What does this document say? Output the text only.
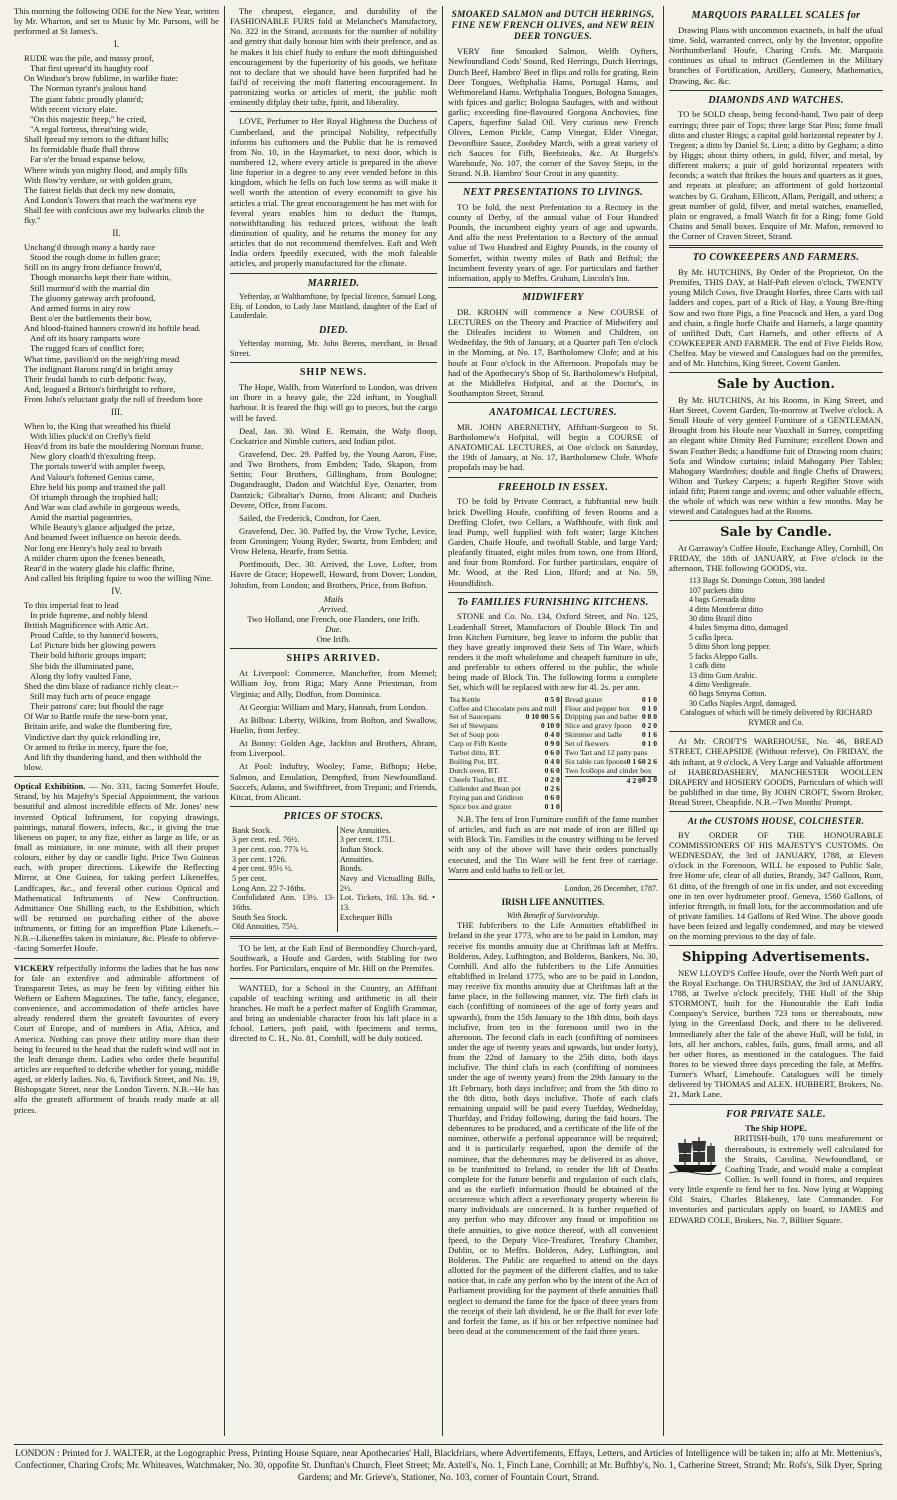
This morning the following ODE for the New Year, written by Mr. Wharton, and set to Music by Mr. Parsons, will be performed at St James's.

I.

RUDE was the pile, and massy proof,

That first uprear'd its haughty roof

On Windsor's brow fublime, in warlike ftate:

The Norman tyrant's jealous hand

The giant fabric proudly plann'd;

With recent victory elate.

"On this majestic fteep," he cried,

"A regal fortress, threat'ning wide,

Shall fpread my terrors to the diftant hills;

Its formidable fhade fhall throw

Far o'er the broad expanse below,

Where winds yon mighty flood, and amply fills

With flow'ry verdure, or with golden grain,

The fairest fields that deck my new domain,

And London's Towers that reach the wat'mens eye

Shall fee with confcious awe my bulwarks climb the fky."

II.

Unchang'd through many a hardy race

Stood the rough dome in fullen grace;

Still on its angry front defiance frown'd,

Though monarchs kept their ftate within,

Still murmur'd with the martial din

The gloomy gateway arch profound,

And armed forms in airy row

Bent o'er the battlements their bow,

And blood-ftained banners crown'd its hoftile head.

And oft its hoary ramparts wore

The rugged fcars of conflict fore;

What time, pavilion'd on the neigh'ring mead

The indignant Barons rang'd in bright array

Their feudal bands to curb defpotic fway,

And, leagued a Briton's birthright to reftore,

From John's reluctant grafp the roll of freedom bore

III.

When lo, the King that wreathed his fhield

With lilies pluck'd on Crefly's field

Heav'd from its bafe the mouldering Norman frame.

New glory cloath'd th'exulting fteep.

The portals tower'd with ampler fweep,

And Valour's foftened Genius came,

Ehre held his pomp and trained the pall

Of triumph through the trophied hall;

And War was clad awhile in gorgeous weeds,

Amid the martial pageantries,

While Beauty's glance adjudged the prize,

And beamed fweet influence on heroic deeds.

Nor long ere Henry's holy zeal to breath

A milder charm upon the fcenes beneath,

Rear'd in the watery glade his claffic fhrine,

And called his ftripling fquire to woo the willing Nine.

IV.

To this imperial feat to lead

In pride fupreme, and nobly blend

British Magnificence with Attic Art.

Proud Caftle, to thy banner'd bowers,

Lo! Picture bids her glowing powers

Their bold hiftoric groups impart;

She bids the illuminated pane,

Along thy lofty vaulted Fane,

Shed the dim blaze of radiance richly clear.--

Still may fuch arts of peace engage

Their patrons' care; but fhould the rage

Of War to Battle roufe the new-born year,

Britain arife, and wake the flumbering fire,

Vindictive dart thy quick rekindling ire,

Or armed to ftrike in mercy, fpare the foe,

And lift thy thundering hand, and then withhold the blow.

Optical Exhibition. — No. 331, facing Somerfet Houfe, Strand, by his Majefty's Special Appointment, the various beautiful and almost incredible effects of Mr. Jones' new invented Optical Inftrument, for copying drawings, paintings, natural flowers, infects, &c., it giving the true likeness on paper, to any fize, either as large as life, or as fmall as miniature, in one minute, with all their proper colours, either by day or candle light. Price Two Guineas each, with proper directions. Likewife the Reflecting Mirror, at One Guinea, for taking perfect Likeneffes, Landfcapes, &c., and feveral other curious Optical and Mathematical Inftruments of New Conftruction. Admittance One Shilling each, to the Exhibition, which will be returned on purchafing either of the above inftruments, or fitting for an impreffion Plate Likenefs.-- N.B.--Likeneffes taken in miniature, &c. Pleafe to obferve--facing Somerfet Houfe.

VICKERY refpectfully informs the ladies that he has now for fale an extenfive and admirable affortment of Transparent Tetes, as may be feen by vifiting either his Weftern or Eaftern Magazines. The tafte, fancy, elegance, convenience, and accommodation of thefe articles have already rendered them the greateft favourites of every Court of Europe, and of numbers in Afia, Africa, and America. Nothing can prove their utility more than their being fo fecured to the head that the rudeft wind will not in the leaft derange them. Ladies who order thefe beautiful articles are requefted to defcribe whether for young, middle aged, or elderly ladies. No. 6, Tavifiock Street, and No. 19, Bishopsgate Street, near the London Tavern. N.B.--He has alfo the greateft affortment of braids ready made at all prices.

The cheapest, elegance, and durability of the FASHIONABLE FURS fold at Melanchet's Manufactory, No. 322 in the Strand, accounts for the number of nobility and gentry that daily honour him with their prefence, and as he makes it his chief ftudy to enfure the moft diftinguished encouragement by the fuperiority of his goods, we hefitate not to declare that we should have been furprifed had he fail'd of receiving the moft flattering encouragement. In patronizing works or articles of merit, the public moft eminently difplay their tafte, fpirit, and liberality.

LOVE, Perfumer to Her Royal Highness the Duchess of Cumberland, and the principal Nobility, refpectfully informs his cuftomers and the Public that he is removed from No. 10, in the Haymarket, to next door, which is numbered 12, where every article is prepared in the above line fuperior in a degree to any ever vended before in this kingdom, which he fells on fuch low terms as will make it well worth the attention of every economift to give his articles a trial. The great encouragement he has met with for feveral years enables him to deduct the ftamps, notwithftanding his reduced prices, without the leaft diminution of quality, and he returns the money for any articles that do not recommend themfelves. Eaft and Weft India orders fpeedily executed, with the moft faleable articles, and properly manufactured for the climate.

MARRIED.

Yefterday, at Walthamftone, by fpecial licence, Samuel Long, Efq. of London, to Lady Jane Maitland, daughter of the Earl of Lauderdale.

DIED.

Yefterday morning, Mr. John Berens, merchant, in Broad Street.

SHIP NEWS.

The Hope, Walfh, from Waterford to London, was driven on fhore in a heavy gale, the 22d inftant, in Youghall harbour. It is feared the fhip will go to pieces, but the cargo will be faved.

Deal, Jan. 30. Wind E. Remain, the Wafp floop, Cockatrice and Nimble cutters, and Indian pilot.

Gravefend, Dec. 29. Paffed by, the Young Aaron, Fine, and Two Brothers, from Embden; Tado, Skapon, from Settin; Four Brothers, Gillingham, from Boulogne; Dogandraught, Dadon and Watchful Eye, Oznarter, from Dantzick; Gibraltar's Durno, from Alicant; and Ducheis Devere, Offce, from Facom.

Sailed, the Frederick, Condron, for Caen.

Gravefend, Dec. 30. Paffed by, the Vrow Tyche, Levice, from Groningen; Young Ryder, Swartz, from Embden; and Vrow Helena, Hearfe, from Settia.

Portfmouth, Dec. 30. Arrived, the Love, Lofter, from Havre de Grace; Hopewell, Howard, from Dover; London, Johnfon, from London; and Brothers, Price, from Bofton.

Mails
Arrived.
Two Holland, one French, one Flanders, one Irifh.
Due.
One Irifh.
SHIPS ARRIVED.

At Liverpool: Commerce, Manchefter, from Memel; William Joy, from Riga; Mary Anne Priestman, from Virginia; and Ally, Dodfon, from Dominica.

At Georgia: William and Mary, Hannah, from London.

At Bilboa: Liberty, Wilkins, from Bofton, and Swallow, Huelin, from Jerfey.

At Bonny: Golden Age, Jackfon and Brothers, Abram, from Liverpool.

At Pool: Induftry, Wooley; Fame, Bifhops; Hebe, Salmon, and Emulation, Dempfted, from Newfoundland. Succefs, Adams, and Swiftftreet, from Trepani; and Friends, Kitcat, from Alicant.

PRICES OF STOCKS.
Bank Stock.
3 per cent. red. 76½.
3 per cent. con. 77⅞ ½.
3 per cent. 1726.
4 per cent. 95½ ½.
5 per cent.
Long Ann. 22 7-16ths.
Confolidated Ann. 13½. 13-16ths.
South Sea Stock.
Old Annuities, 75½.

New Annuities.
3 per cent. 1751.
Indian Stock.
Annuities.
Bonds.
Navy and Victualling Bills, 2½.
Lot. Tickets, 16l. 13s. 6d. • 13.
Exchequer Bills

TO be lett, at the Eaft End of Bermondfey Church-yard, Southwark, a Houfe and Garden, with Stabling for two horfes. For Particulars, enquire of Mr. Hill on the Premifes.

WANTED, for a School in the Country, an Affiftant capable of teaching writing and arithmetic in all their branches. He muft be a perfect mafter of Englifh Grammar, and bring an undeniable character from his laft place in a fchool. Letters, poft paid, with fpecimens and terms, directed to C. H., No. 81, Cornhill, will be duly noticed.

SMOAKED SALMON and DUTCH HERRINGS, FINE NEW FRENCH OLIVES, and NEW REIN DEER TONGUES.

VERY fine Smoaked Salmon, Welfh Oyfters, Newfoundland Cods' Sound, Red Herrings, Dutch Herrings, Dutch Beef, Hambro' Beef in flips and rolls for grating, Rein Deer Tongues, Weftphalia Hams, Portugal Hams, and Weftmoreland Hams. Weftphalia Tongues, Bologna Sauages, with fpices and garlic; Bologna Saufages, with and without garlic; exceeding fine-flavoured Gorgona Anchovies, fine Capers, fuperfine Salad Oil. Very curious new French Olives, Lemon Pickle, Camp Vinegar, Elder Vinegar, Devonfhire Sauce, Zoobdey March, with a great variety of rich Sauces for Fifh, Beefsteaks, &c. At Burgefs's Warehoufe, No. 107, the corner of the Savoy Steps, in the Strand. N.B. Hambro' Sour Crout in any quantity.

NEXT PRESENTATIONS TO LIVINGS.

TO be fold, the next Prefentation to a Rectory in the county of Derby, of the annual value of Four Hundred Pounds, the incumbent eighty years of age and upwards. And alfo the next Prefentation to a Rectory of the annual value of Two Hundred and Eighty Pounds, in the county of Somerfet, within twenty miles of Bath and Briftol; the Incumbent feventy years of age. For particulars and farther information, apply to Meffrs. Graham, Lincoln's Inn.

MIDWIFERY

DR. KROHN will commence a New COURSE of LECTURES on the Theory and Practice of Midwifery and the Difeafes incident to Women and Children, on Wednefday, the 9th of January, at a Quarter paft Ten o'clock in the Morning, at No. 17, Bartholomew Clofe; and at his houfe at Four o'clock in the Afternoon. Propofals may be had of the Apothecary's Shop of St. Bartholomew's Hofpital, at the Middlefex Hofpital, and at the Doctor's, in Southampton Street, Strand.

ANATOMICAL LECTURES.

MR. JOHN ABERNETHY, Affiftant-Surgeon to St. Bartholomew's Hofpital, will begin a COURSE of ANATOMICAL LECTURES, at One o'clock on Saturday, the 19th of January, at No. 17, Bartholomew Clofe. Whofe propofals may be had.

FREEHOLD IN ESSEX.

TO be fold by Private Contract, a fubftantial new built brick Dwelling Houfe, confifting of feven Rooms and a Dreffing Clofet, two Cellars, a Wafhhoufe, with fink and lead Pump, well fupplied with foft water; large Kitchen Garden, Chaife Houfe, and twoftall Stable, and large Yard; pleafantly fituated, eight miles from town, one from Ilford, and four from Romford. For further particulars, enquire of Mr. Wood, at the Red Lion, Ilford; and at No. 59, Houndfditch.

To FAMILIES FURNISHING KITCHENS.

STONE and Co. No. 134, Oxford Street, and No. 125, Leadenhall Street, Manufactors of Double Block Tin and Iron Kitchen Furniture, beg leave to inform the public that they have greatly improved their Sets of Tin Ware, which renders it the moft wholefome and cheapeft furniture in ufe, and preferable to others offered to the public, the whole being made of Block Tin. The following forms a complete Set, which will be replaced with new for 4l. 2s. per ann.

Tea Kettle	0 5 0
Coffee and Chocolate pots and mill
0 5 6
Set of Saucepans	0 10 0
Set of Stewpans	0 10 0
Set of Soup pots	0 4 0
Carp or Fifh Kettle	0 9 0
Turbot ditto, BT.	0 6 0
Boiling Pot, BT.	0 4 0
Dutch oven, BT.	0 6 0
Cheefe Toafter, BT.	0 2 0
Cullender and Bean pot	0 2 6
Frying pan and Gridiron	0 6 0
Spice box and grater	0 1 0

Bread grater	0 1 0
Flour and pepper box 0 1 0
Dripping pan and bafter 0 8 0
Slice and gravy fpoon 0 2 0
Skimmer and ladle	0 1 6
Set of fkewers	0 1 0
Two Tart and 12 patty pans
0 2 6
Six table can fpoons 0 1 6
Two fcollops and cinder box
0 2 0
4 2 0

N.B. The fets of Iron Furniture confift of the fame number of articles, and fuch as are not made of iron are filled up with Block Tin. Families in the country wifhing to be ferved with any of the above will have their orders punctually executed, and the Tin Ware will be fent free of carriage. Warm and cold baths to fell or let.

London, 26 December, 1787.
IRISH LIFE ANNUITIES.
With Benefit of Survivorship.

THE fubfcribers to the Life Annuities eftablifhed in Ireland in the year 1773, who are to be paid in London, may receive fix months annuity due at Chriftmas laft at Meffrs. Bolderos, Adey, Lufhington, and Bolderos, Bankers, No. 30, Cornhill. And alfo the fubfcribers to the Life Annuities eftablifhed in Ireland 1775, who are to be paid in London, may receive fix months annuity due at Chriftmas laft at the fame place, in the following manner, viz. The firft clafs in each (confifting of nominees of the age of forty years and upwards), from the 15th January to the 18th ditto, both days inclufive, from ten in the forenoon until two in the afternoon. The fecond clafs in each (confifting of nominees under the age of twenty years and upwards, but under forty), from the 22nd of January to the 25th ditto, both days inclufive. The third clafs in each (confifting of nominees under the age of twenty years) from the 29th January to the 1ft February, both days inclufive; and from the 5th ditto to the 8th ditto, both days inclufive. Thofe of each clafs remaining unpaid will be paid every Tuefday, Wednefday, Thurfday, and Friday following, during the faid hours. The debentures to be produced, and a certificate of the life of the nominee, otherwife a perfonal appearance will be required; and it is particularly requefted, upon the demife of the nominee, that the debentures may be delivered in as above, to be tranfmitted to Ireland, to render the lift of Deaths complete for the future benefit and regulation of each clafs, and as the earlieft information fhould be obtained of the occurrence which affect a reverfionary property wherein fo many individuals are concerned. It is further requefted of any perfon who may difcover any fraud or impofition on thefe annuities, to give notice thereof, with all convenient fpeed, to the Deputy Vice-Treafurer, Treafury Chamber, Dublin, or to Meffrs. Bolderos, Adey, Lufhington, and Bolderos. The Public are requefted to attend on the days allotted for the payment of the different claffes, and to take notice that, in cafe any perfon who by the intent of the Act of Parliament providing for the payment of thefe annuities fhall neglect to demand the fame for the fpace of three years from the receipt of their laft dividend, he or fhe fhall for ever lofe and forfeit the fame, as if his or her refpective nominee had been dead at the commencement of the faid three years.

MARQUOIS PARALLEL SCALES for

Drawing Plans with uncommon exactnefs, in half the ufual time. Sold, warranted correct, only by the Inventor, oppofite Northumberland Houfe, Charing Crofs. Mr. Marquois continues as ufual to inftruct (Gentlemen in the Military branches of Fortification, Artillery, Gunnery, Mathematics, Drawing, &c. &c.

DIAMONDS AND WATCHES.

TO be SOLD cheap, being fecond-hand, Two pair of deep earrings; three pair of Tops; three large Star Pins; fome fmall ditto and cluster Rings; a capital gold horizontal repeater by J. Tregent; a ditto by Daniel St. Lien; a ditto by Gegham; a ditto by Higgs; about thirty others, in gold, filver, and metal, by different makers; a pair of gold horizontal repeaters with feconds; a watch that ftrikes the hours and quarters as it goes, and repeats at pleafure; an affortment of gold horizontal watches by G. Graham, Ellicott, Allam, Perigall, and others; a great number of gold, filver, and metal watches, enamelled, plain or engraved, a fmall Watch fit for a Ring; fome Gold Chains and Small boxes. Enquire of Mr. Mafon, removed to the Corner of Craven Street, Strand.

TO COWKEEPERS AND FARMERS.

By Mr. HUTCHINS, By Order of the Proprietor, On the Premifes, THIS DAY, at Half-Paft eleven o'clock, TWENTY young Milch Cows, five Draught Horfes, three Carts with tail ladders and copes, part of a Rick of Hay, a Young Bre-fting Sow and two ftore Pigs, a fine Peacock and Hen, a yard Dog and chain, a fingle horfe Chaife and Harnefs, a large quantity of unfifted Duft, Cart Harnefs, and other effects of A COWKEEPER AND FARMER. The end of Five Fields Row, Chelfea. May be viewed and Catalogues had on the premifes, and of Mr. Hutchins, King Street, Covent Garden.

Sale by Auction.

By Mr. HUTCHINS, At his Rooms, in King Street, and Hart Street, Covent Garden, To-morrow at Twelve o'clock. A Small Houfe of very genteel Furniture of a GENTLEMAN, Brought from his Houfe near Vauxhall in Surrey, comprifing an elegant white Dimity Bed Furniture; excellent Down and Swan Feather Beds; a handfome fuit of Drawing room chairs; Sofa and Window curtains; inlaid Mahogany Pier Tables; Mahogany Wardrobes; double and fingle Chefts of Drawers; Wilton and Turkey Carpets; a fuperb Regifter Stove with inlaid fiftt; Patent range and ovens; and other valuable effects, the whole of which was new within a few months. May be viewed and Catalogues had at the Rooms.

Sale by Candle.

At Garraway's Coffee Houfe, Exchange Alley, Cornhill, On FRIDAY, the 18th of JANUARY, at Five o'clock in the afternoon, THE following GOODS, viz.

113 Bags St. Domingo Cotton, 398 landed

107 packets ditto

4 bags Grenada ditto

4 ditto Montferrat ditto

30 ditto Brazil ditto

4 bales Smyrna ditto, damaged

5 cafks Ipeca.

5 ditto Short long pepper.

5 facks Aleppo Galls.

1 cafk ditto

13 ditto Gum Arabic.

4 ditto Verdigreafe.

60 bags Smyrna Cotton.

30 Cafks Naples Argol, damaged.

Catalogues of which will be timely delivered by RICHARD RYMER and Co.

At Mr. CROFT'S WAREHOUSE, No. 46, BREAD STREET, CHEAPSIDE (Without referve), On FRIDAY, the 4th inftant, at 9 o'clock, A Very Large and Valuable affortment of HABERDASHERY, MANCHESTER WOOLLEN DRAPERY and HOSIERY GOODS, Particulars of which will be publifhed in due time, By JOHN CROFT, Sworn Broker, Bread Street, Cheapfide. N.B.--Two Months' Prompt.

At the CUSTOMS HOUSE, COLCHESTER.

BY ORDER OF THE HONOURABLE COMMISSIONERS OF HIS MAJESTY'S CUSTOMS. On WEDNESDAY, the 3rd of JANUARY, 1788, at Eleven o'clock in the Forenoon, WILL be exposed to Public Sale, free Home ufe, clear of all duties, Brandy, 347 Gallons, Rum, 61 ditto, of the ftrength of one in fix under, and not exceeding one in ten over hydrometer proof. Geneva, 1560 Gallons, of inferior ftrength, in fmall lots, for the accommodation and ufe of private families. 14 Gallons of Red Wine. The above goods have been feized and legally condemned, and may be viewed on the morning previous to the day of fale.

Shipping Advertisements.

NEW LLOYD'S Coffee Houfe, over the North Weft part of the Royal Exchange. On THURSDAY, the 3rd of JANUARY, 1788, at Twelve o'clock precifely, THE Hull of the Ship STORMONT, built for the Honourable the Eaft India Company's Service, burthen 723 tons or thereabouts, now lying in the Greenland Dock, and there to be delivered. Immediately after the fale of the above Hull, will be fold, in lots, all her anchors, cables, fails, guns, fmall arms, and all her other ftores, as mentioned in the catalogues. The faid ftores to be viewed three days preceding the fale, at Meffrs. Turner's Wharf, Limehoufe. Catalogues will be timely delivered by THOMAS and ALEX. HUBBERT, Brokers, No. 21, Mark Lane.

FOR PRIVATE SALE.
The Ship HOPE.

BRITISH-built, 170 tons meafurement or thereabouts, is extremely well calculated for the Straits, Carolina, Newfoundland, or Coafting Trade, and would make a compleat Collier. Is well found in ftores, and requires very little expenfe to fend her to fea. Now lying at Wapping Old Stairs, Charles Blakeney, late Commander. For inventories and particulars apply on board, to JAMES and EDWARD COLE, Brokers, No. 7, Billiter Square.

LONDON : Printed for J. WALTER, at the Logographic Press, Printing House Square, near Apothecaries' Hall, Blackfriars, where Advertifements, Effays, Letters, and Articles of Intelligence will be taken in; alfo at Mr. Mettenius's, Confectioner, Charing Crofs; Mr. Whiteaves, Watchmaker, No. 30, oppofite St. Dunftan's Church, Fleet Street; Mr. Axtell's, No. 1, Finch Lane, Cornhill; at Mr. Bufhby's, No. 1, Catherine Street, Strand; Mr. Rofs's, Silk Dyer, Spring Gardens; and Mr. Grieve's, Stationer, No. 103, corner of Fountain Court, Strand.
